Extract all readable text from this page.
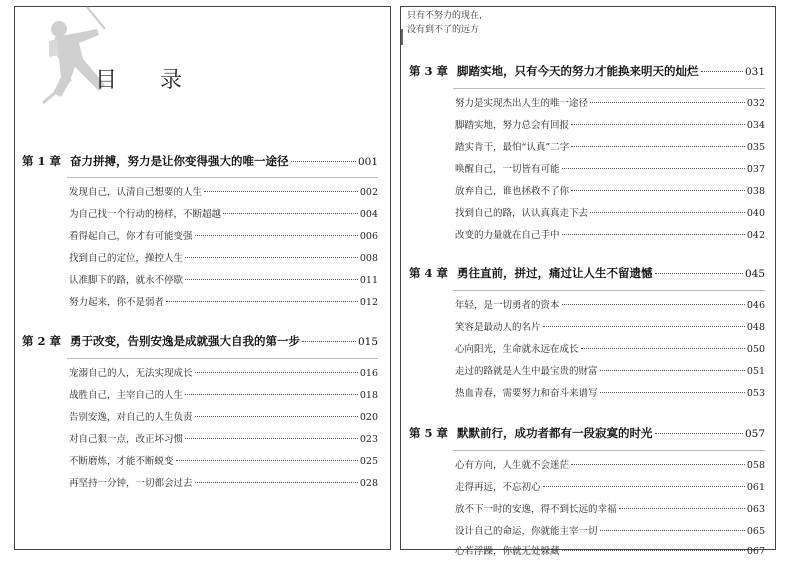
目 录
第 1 章 奋力拼搏，努力是让你变得强大的唯一途径	001
发现自己，认清自己想要的人生	002
为自己找一个行动的榜样，不断超越	004
看得起自己，你才有可能变强	006
找到自己的定位，操控人生	008
认准脚下的路，就永不停歇	011
努力起来，你不是弱者	012
第 2 章 勇于改变，告别安逸是成就强大自我的第一步	015
宠溺自己的人，无法实现成长	016
战胜自己，主宰自己的人生	018
告别安逸，对自己的人生负责	020
对自己狠一点，改正坏习惯	023
不断磨炼，才能不断蜕变	025
再坚持一分钟，一切都会过去	028
只有不努力的现在，
没有到不了的远方
第 3 章 脚踏实地，只有今天的努力才能换来明天的灿烂	031
努力是实现杰出人生的唯一途径	032
脚踏实地，努力总会有回报	034
踏实肯干，最怕“认真”二字	035
唤醒自己，一切皆有可能	037
放弃自己，谁也拯救不了你	038
找到自己的路，认认真真走下去	040
改变的力量就在自己手中	042
第 4 章 勇往直前，拼过，痛过让人生不留遗憾	045
年轻，是一切勇者的资本	046
笑容是最动人的名片	048
心向阳光，生命就永远在成长	050
走过的路就是人生中最宝贵的财富	051
热血青春，需要努力和奋斗来谱写	053
第 5 章 默默前行，成功者都有一段寂寞的时光	057
心有方向，人生就不会迷茫	058
走得再远，不忘初心	061
放不下一时的安逸，得不到长远的幸福	063
设计自己的命运，你就能主宰一切	065
心若浮躁，你就无处躲藏	067
